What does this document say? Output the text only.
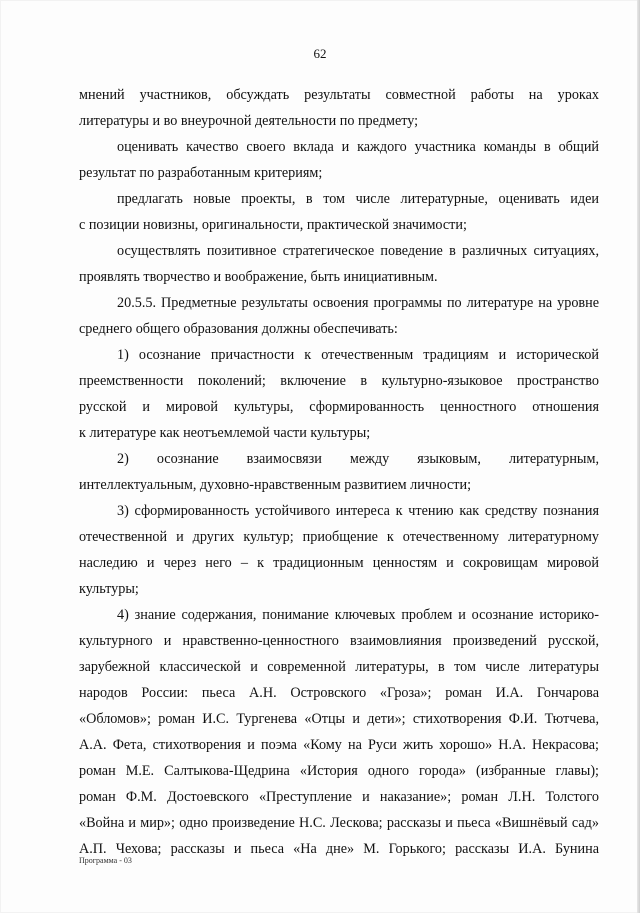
62
мнений участников, обсуждать результаты совместной работы на уроках
литературы и во внеурочной деятельности по предмету;
оценивать качество своего вклада и каждого участника команды в общий
результат по разработанным критериям;
предлагать новые проекты, в том числе литературные, оценивать идеи
с позиции новизны, оригинальности, практической значимости;
осуществлять позитивное стратегическое поведение в различных ситуациях,
проявлять творчество и воображение, быть инициативным.
20.5.5. Предметные результаты освоения программы по литературе на уровне
среднего общего образования должны обеспечивать:
1) осознание причастности к отечественным традициям и исторической
преемственности поколений; включение в культурно-языковое пространство
русской и мировой культуры, сформированность ценностного отношения
к литературе как неотъемлемой части культуры;
2) осознание взаимосвязи между языковым, литературным,
интеллектуальным, духовно-нравственным развитием личности;
3) сформированность устойчивого интереса к чтению как средству познания
отечественной и других культур; приобщение к отечественному литературному
наследию и через него – к традиционным ценностям и сокровищам мировой
культуры;
4) знание содержания, понимание ключевых проблем и осознание историко-
культурного и нравственно-ценностного взаимовлияния произведений русской,
зарубежной классической и современной литературы, в том числе литературы
народов России: пьеса А.Н. Островского «Гроза»; роман И.А. Гончарова
«Обломов»; роман И.С. Тургенева «Отцы и дети»; стихотворения Ф.И. Тютчева,
А.А. Фета, стихотворения и поэма «Кому на Руси жить хорошо» Н.А. Некрасова;
роман М.Е. Салтыкова-Щедрина «История одного города» (избранные главы);
роман Ф.М. Достоевского «Преступление и наказание»; роман Л.Н. Толстого
«Война и мир»; одно произведение Н.С. Лескова; рассказы и пьеса «Вишнёвый сад»
А.П. Чехова; рассказы и пьеса «На дне» М. Горького; рассказы И.А. Бунина
Программа - 03
